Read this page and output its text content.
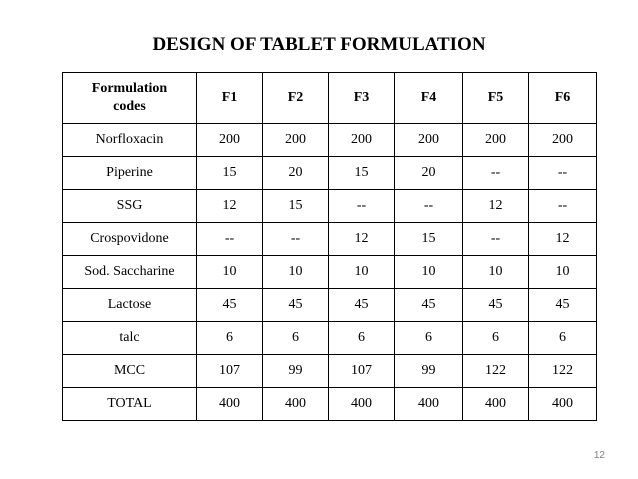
DESIGN OF TABLET FORMULATION
Formulation
codes	F1	F2	F3	F4	F5	F6
Norfloxacin	200	200	200	200	200	200
Piperine	15	20	15	20	--	--
SSG	12	15	--	--	12	--
Crospovidone	--	--	12	15	--	12
Sod. Saccharine	10	10	10	10	10	10
Lactose	45	45	45	45	45	45
talc	6	6	6	6	6	6
MCC	107	99	107	99	122	122
TOTAL	400	400	400	400	400	400
12
